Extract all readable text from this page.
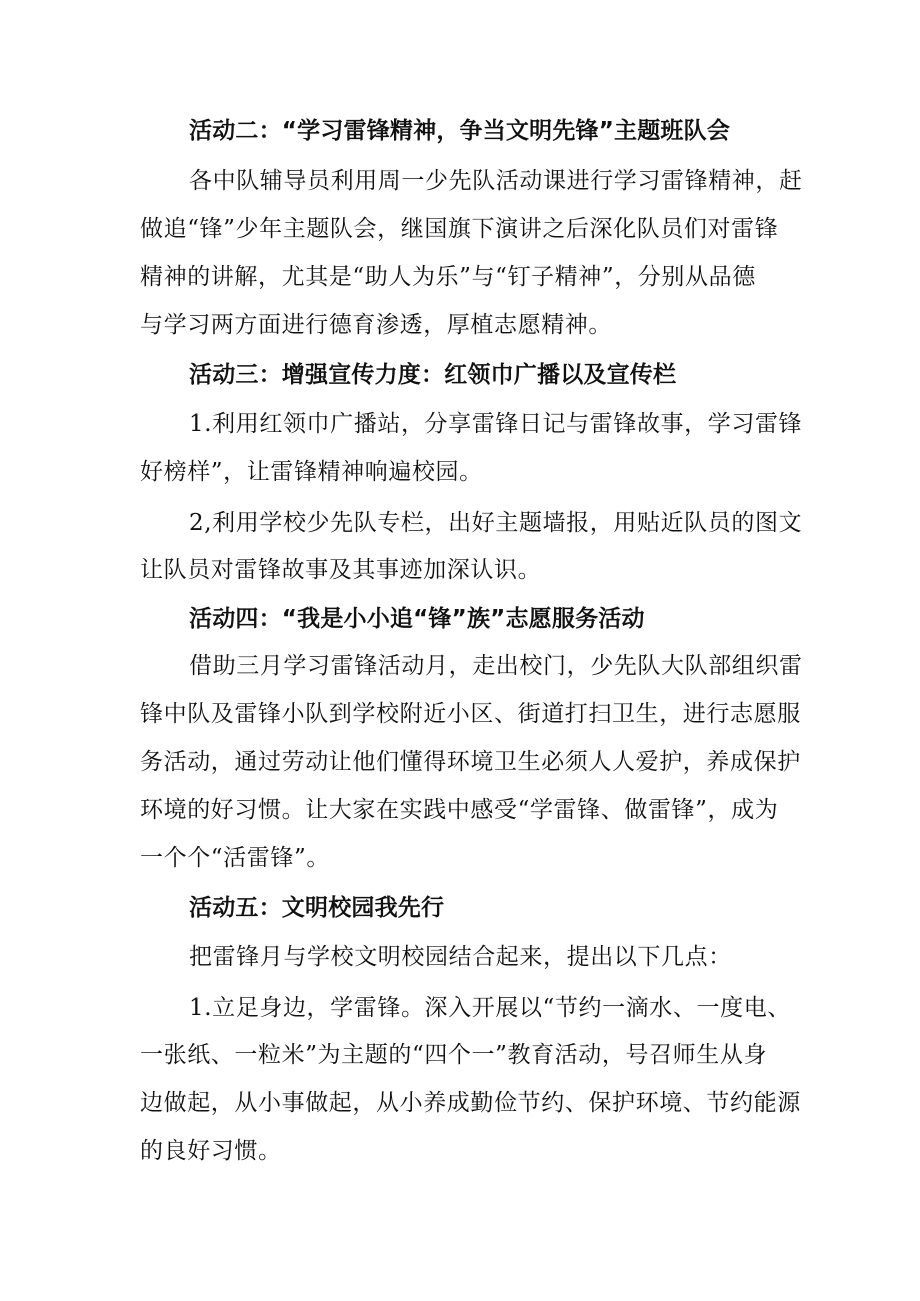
活动二：“学习雷锋精神，争当文明先锋”主题班队会
各中队辅导员利用周一少先队活动课进行学习雷锋精神，赶
做追“锋”少年主题队会，继国旗下演讲之后深化队员们对雷锋
精神的讲解，尤其是“助人为乐”与“钉子精神”，分别从品德
与学习两方面进行德育渗透，厚植志愿精神。
活动三：增强宣传力度：红领巾广播以及宣传栏
1.利用红领巾广播站，分享雷锋日记与雷锋故事，学习雷锋
好榜样”，让雷锋精神响遍校园。
2,利用学校少先队专栏，出好主题墙报，用贴近队员的图文
让队员对雷锋故事及其事迹加深认识。
活动四：“我是小小追“锋”族”志愿服务活动
借助三月学习雷锋活动月，走出校门，少先队大队部组织雷
锋中队及雷锋小队到学校附近小区、街道打扫卫生，进行志愿服
务活动，通过劳动让他们懂得环境卫生必须人人爱护，养成保护
环境的好习惯。让大家在实践中感受“学雷锋、做雷锋”，成为
一个个“活雷锋”。
活动五：文明校园我先行
把雷锋月与学校文明校园结合起来，提出以下几点：
1.立足身边，学雷锋。深入开展以“节约一滴水、一度电、
一张纸、一粒米”为主题的“四个一”教育活动，号召师生从身
边做起，从小事做起，从小养成勤俭节约、保护环境、节约能源
的良好习惯。
